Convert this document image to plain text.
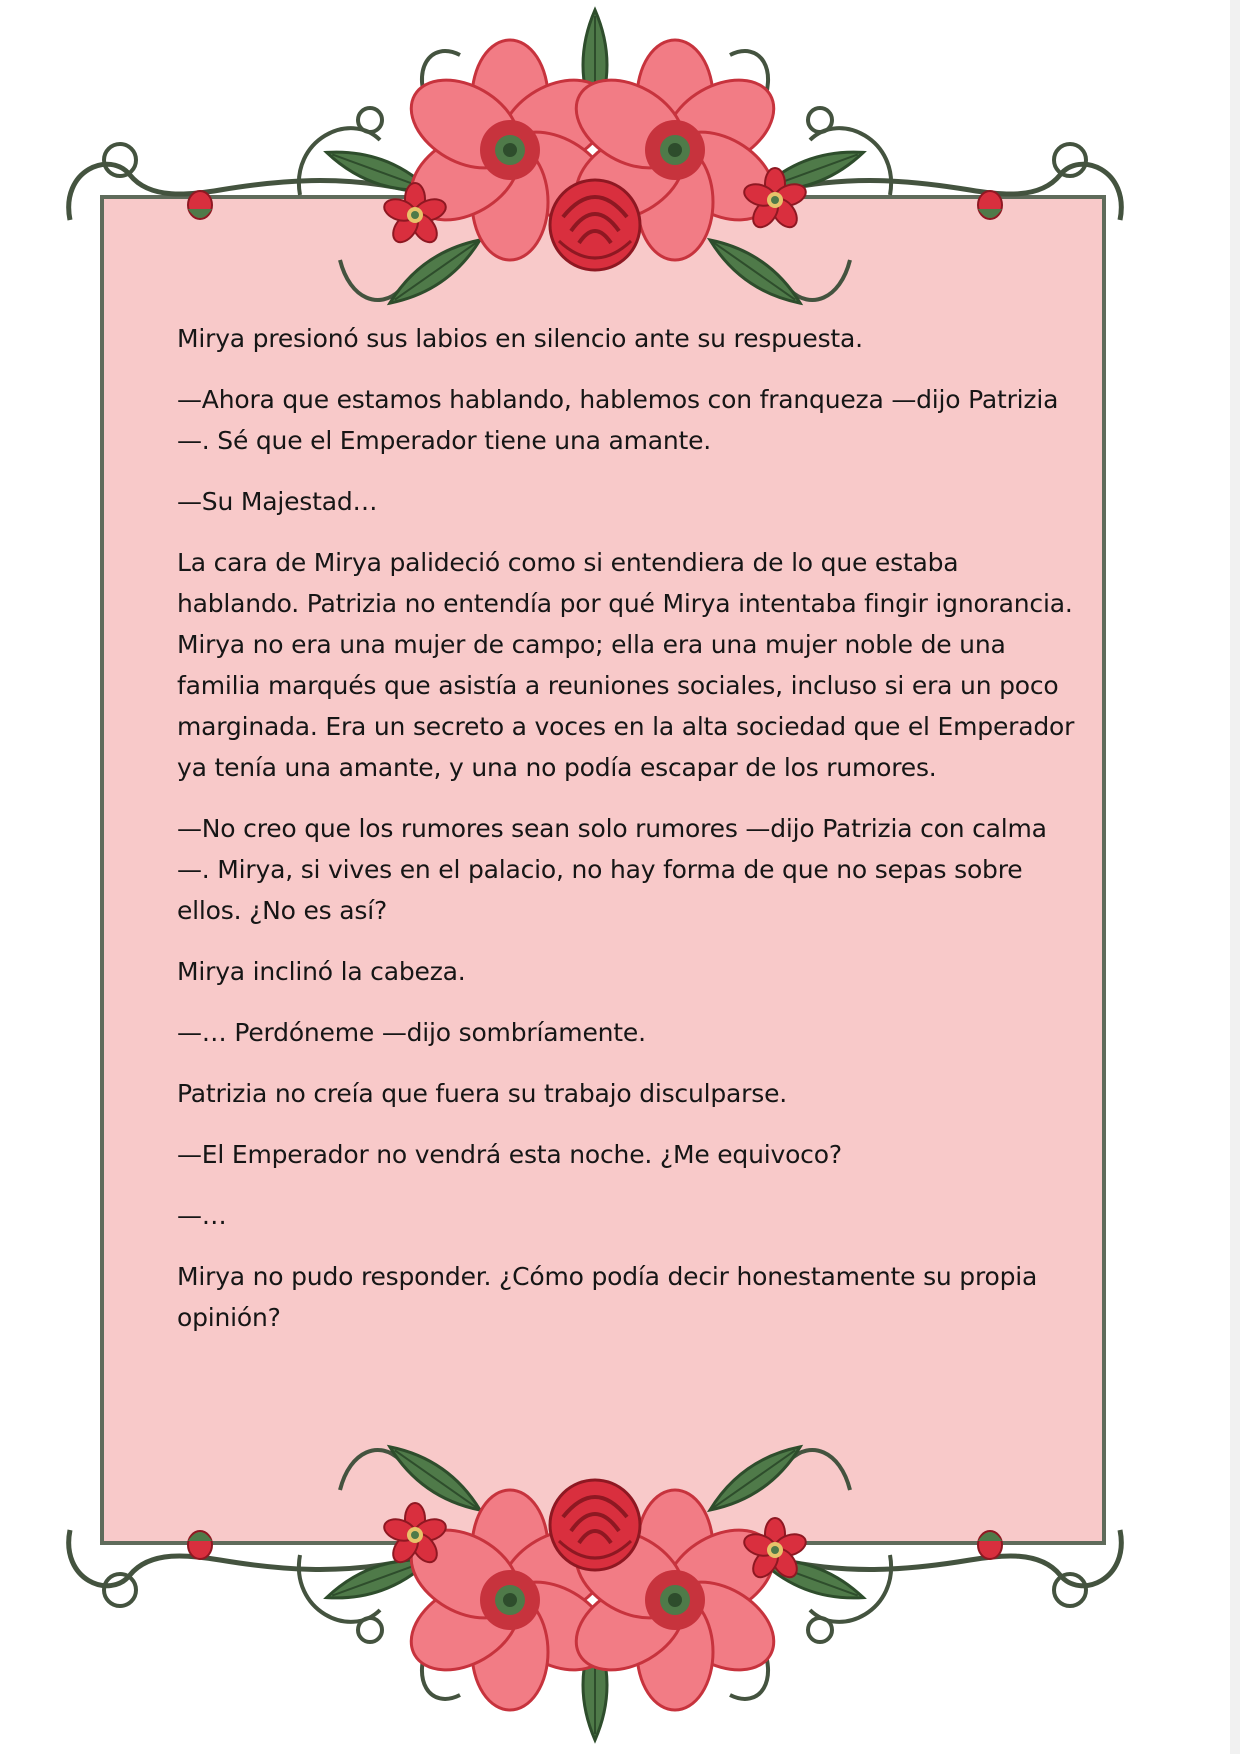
Mirya presionó sus labios en silencio ante su respuesta.

—Ahora que estamos hablando, hablemos con franqueza —dijo Patrizia—. Sé que el Emperador tiene una amante.

—Su Majestad…

La cara de Mirya palideció como si entendiera de lo que estaba hablando. Patrizia no entendía por qué Mirya intentaba fingir ignorancia. Mirya no era una mujer de campo; ella era una mujer noble de una familia marqués que asistía a reuniones sociales, incluso si era un poco marginada. Era un secreto a voces en la alta sociedad que el Emperador ya tenía una amante, y una no podía escapar de los rumores.

—No creo que los rumores sean solo rumores —dijo Patrizia con calma—. Mirya, si vives en el palacio, no hay forma de que no sepas sobre ellos. ¿No es así?

Mirya inclinó la cabeza.

—… Perdóneme —dijo sombríamente.

Patrizia no creía que fuera su trabajo disculparse.

—El Emperador no vendrá esta noche. ¿Me equivoco?

—…

Mirya no pudo responder. ¿Cómo podía decir honestamente su propia opinión?
